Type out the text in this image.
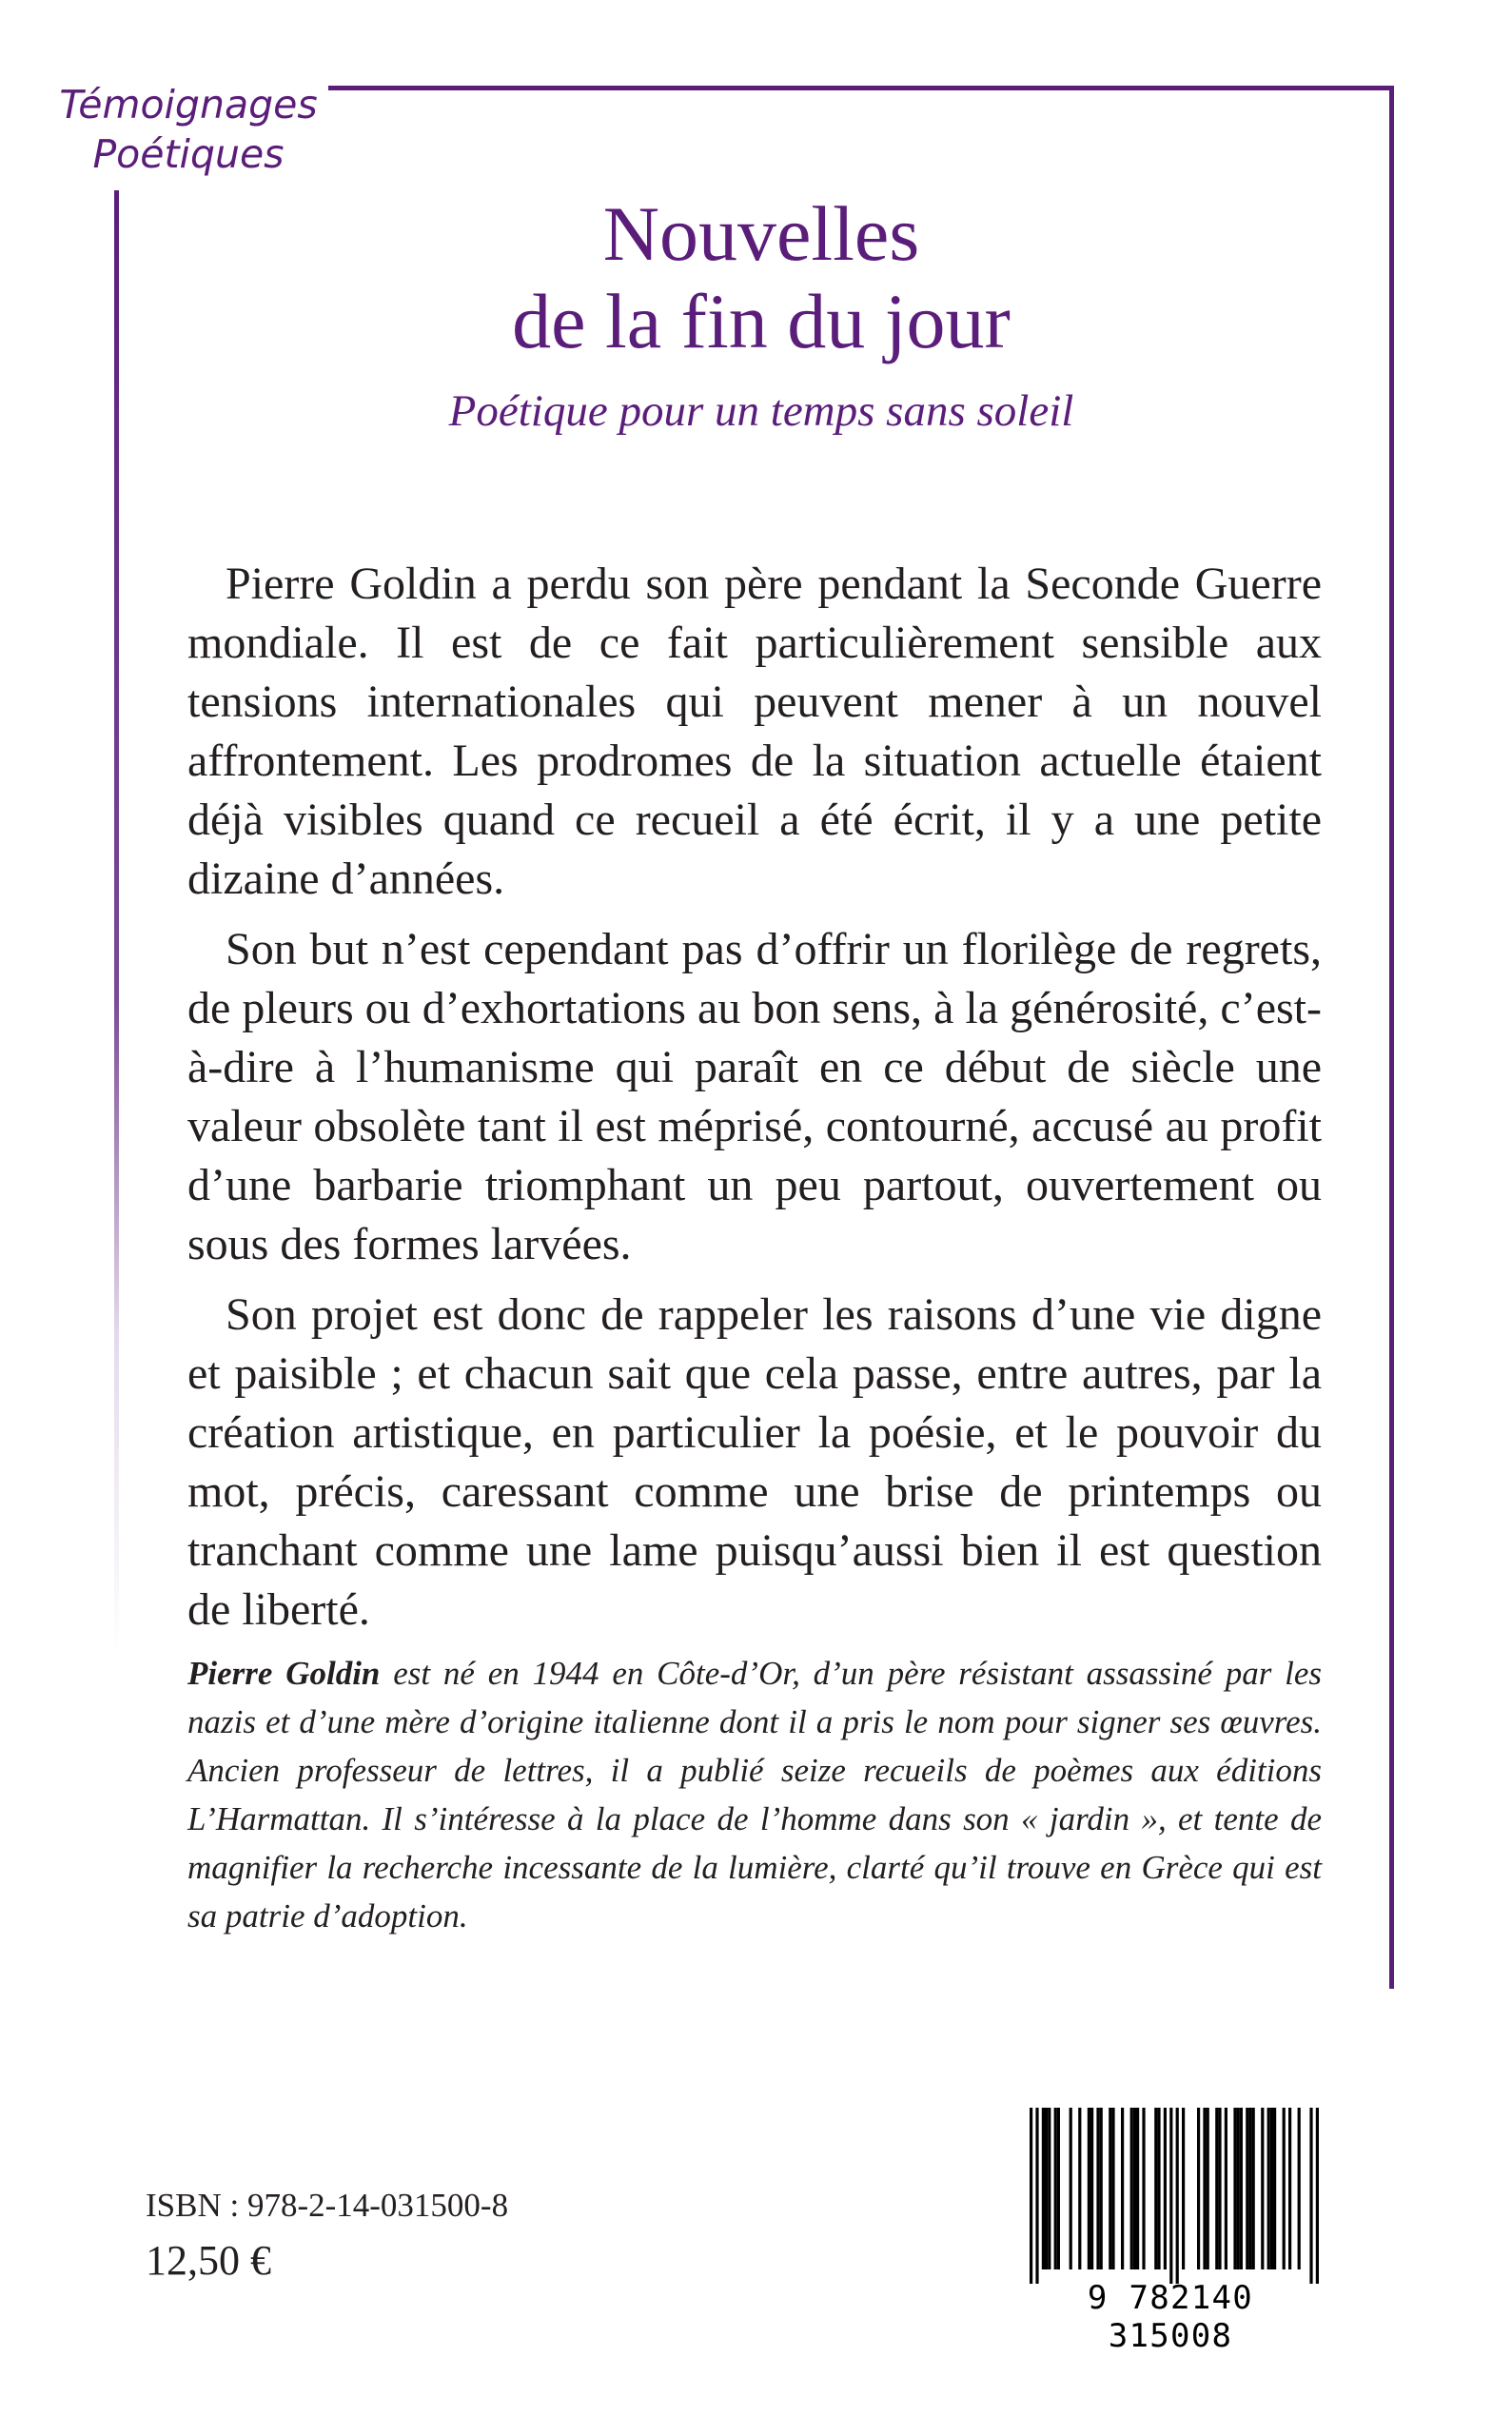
Témoignages
Poétiques
Nouvelles
de la fin du jour
Poétique pour un temps sans soleil

Pierre Goldin a perdu son père pendant la Seconde Guerre mondiale. Il est de ce fait particulièrement sensible aux tensions internationales qui peuvent mener à un nouvel affrontement. Les prodromes de la situation actuelle étaient déjà visibles quand ce recueil a été écrit, il y a une petite dizaine d’années.

Son but n’est cependant pas d’offrir un florilège de regrets, de pleurs ou d’exhortations au bon sens, à la générosité, c’est-à-dire à l’humanisme qui paraît en ce début de siècle une valeur obsolète tant il est méprisé, contourné, accusé au profit d’une barbarie triomphant un peu partout, ouvertement ou sous des formes larvées.

Son projet est donc de rappeler les raisons d’une vie digne et paisible ; et chacun sait que cela passe, entre autres, par la création artistique, en particulier la poésie, et le pouvoir du mot, précis, caressant comme une brise de printemps ou tranchant comme une lame puisqu’aussi bien il est question de liberté.

Pierre Goldin est né en 1944 en Côte-d’Or, d’un père résistant assassiné par les nazis et d’une mère d’origine italienne dont il a pris le nom pour signer ses œuvres. Ancien professeur de lettres, il a publié seize recueils de poèmes aux éditions L’Harmattan. Il s’intéresse à la place de l’homme dans son « jardin », et tente de magnifier la recherche incessante de la lumière, clarté qu’il trouve en Grèce qui est sa patrie d’adoption.
ISBN : 978-2-14-031500-8
12,50 €
9 782140 315008
